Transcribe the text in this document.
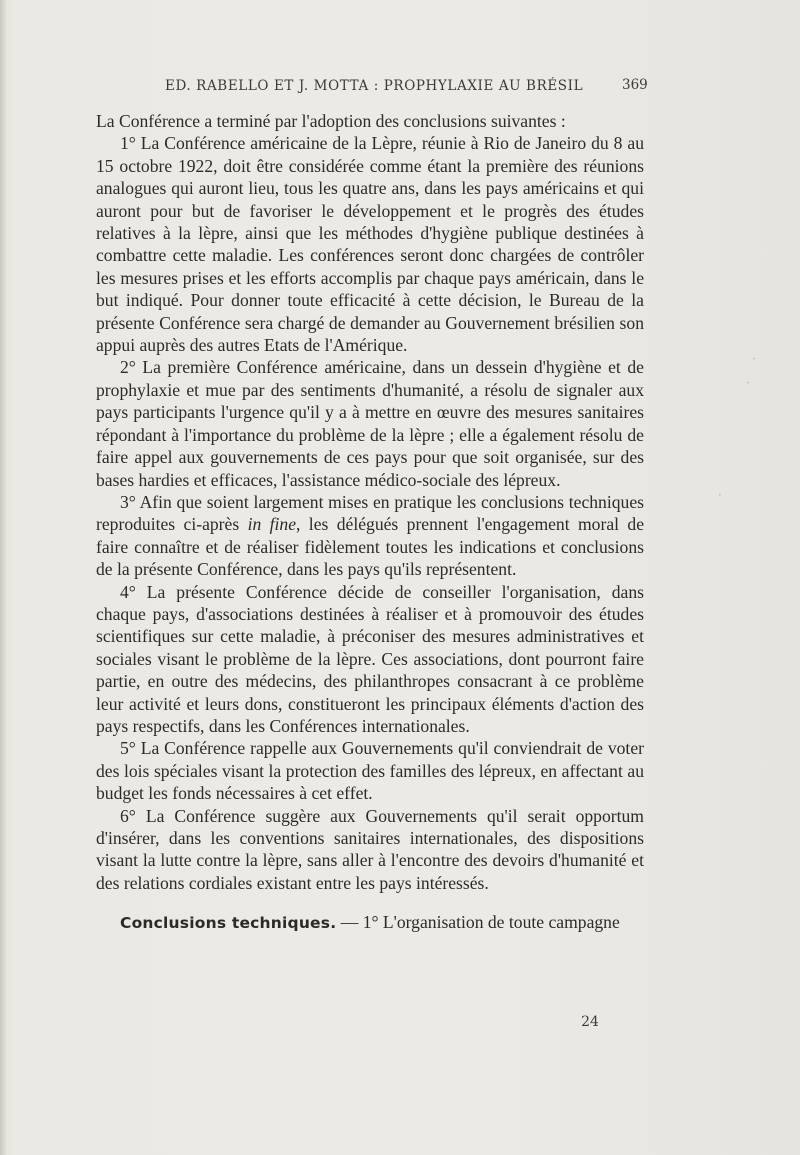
ED. RABELLO ET J. MOTTA : PROPHYLAXIE AU BRÉSIL	369

La Conférence a terminé par l'adoption des conclusions suivantes :

1° La Conférence américaine de la Lèpre, réunie à Rio de Janeiro du 8 au 15 octobre 1922, doit être considérée comme étant la première des réunions analogues qui auront lieu, tous les quatre ans, dans les pays américains et qui auront pour but de favoriser le développement et le progrès des études relatives à la lèpre, ainsi que les méthodes d'hygiène publique destinées à combattre cette maladie. Les conférences seront donc chargées de contrôler les mesures prises et les efforts accomplis par chaque pays américain, dans le but indiqué. Pour donner toute efficacité à cette décision, le Bureau de la présente Conférence sera chargé de demander au Gouvernement brésilien son appui auprès des autres Etats de l'Amérique.

2° La première Conférence américaine, dans un dessein d'hygiène et de prophylaxie et mue par des sentiments d'humanité, a résolu de signaler aux pays participants l'urgence qu'il y a à mettre en œuvre des mesures sanitaires répondant à l'importance du problème de la lèpre ; elle a également résolu de faire appel aux gouvernements de ces pays pour que soit organisée, sur des bases hardies et efficaces, l'assistance médico-sociale des lépreux.

3° Afin que soient largement mises en pratique les conclusions techniques reproduites ci-après in fine, les délégués prennent l'engagement moral de faire connaître et de réaliser fidèlement toutes les indications et conclusions de la présente Conférence, dans les pays qu'ils représentent.

4° La présente Conférence décide de conseiller l'organisation, dans chaque pays, d'associations destinées à réaliser et à promouvoir des études scientifiques sur cette maladie, à préconiser des mesures administratives et sociales visant le problème de la lèpre. Ces associations, dont pourront faire partie, en outre des médecins, des philanthropes consacrant à ce problème leur activité et leurs dons, constitueront les principaux éléments d'action des pays respectifs, dans les Conférences internationales.

5° La Conférence rappelle aux Gouvernements qu'il conviendrait de voter des lois spéciales visant la protection des familles des lépreux, en affectant au budget les fonds nécessaires à cet effet.

6° La Conférence suggère aux Gouvernements qu'il serait opportum d'insérer, dans les conventions sanitaires internationales, des dispositions visant la lutte contre la lèpre, sans aller à l'encontre des devoirs d'humanité et des relations cordiales existant entre les pays intéressés.

Conclusions techniques. — 1° L'organisation de toute campagne

24
·
·
·
